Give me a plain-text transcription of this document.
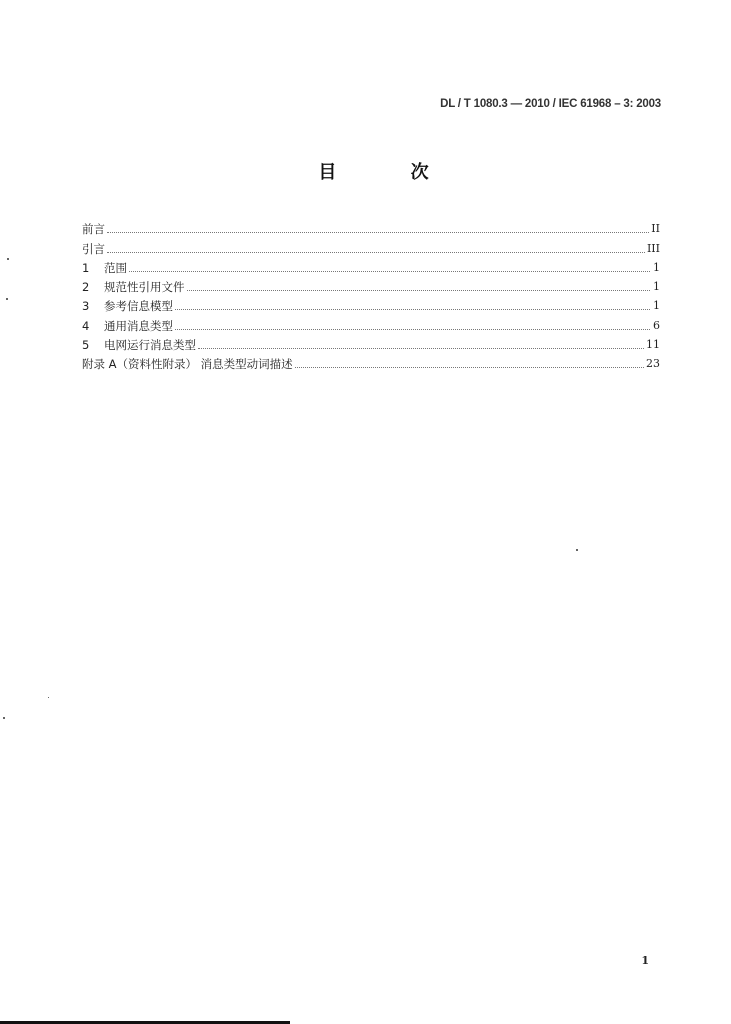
DL / T 1080.3 — 2010 / IEC 61968 – 3: 2003
目 次
前言	II
引言	III
1	范围	1
2	规范性引用文件	1
3	参考信息模型	1
4	通用消息类型	6
5	电网运行消息类型	11
附录 A（资料性附录） 消息类型动词描述	23
1
